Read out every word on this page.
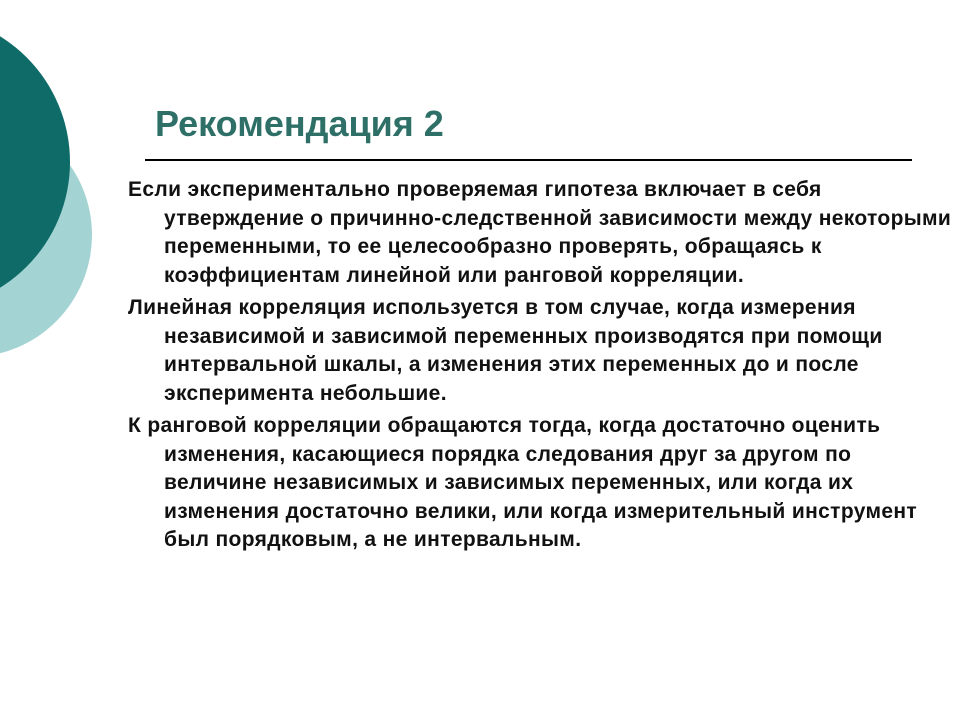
Рекомендация 2
Если экспериментально проверяемая гипотеза включает в себя утверждение о причинно-следственной зависимости между некоторыми переменными, то ее целесообразно проверять, обращаясь к коэффициентам линейной или ранговой корреляции.
Линейная корреляция используется в том случае, когда измерения независимой и зависимой переменных производятся при помощи интервальной шкалы, а изменения этих переменных до и после эксперимента небольшие.
К ранговой корреляции обращаются тогда, когда достаточно оценить изменения, касающиеся порядка следования друг за другом по величине независимых и зависимых переменных, или когда их изменения достаточно велики, или когда измерительный инструмент был порядковым, а не интервальным.
